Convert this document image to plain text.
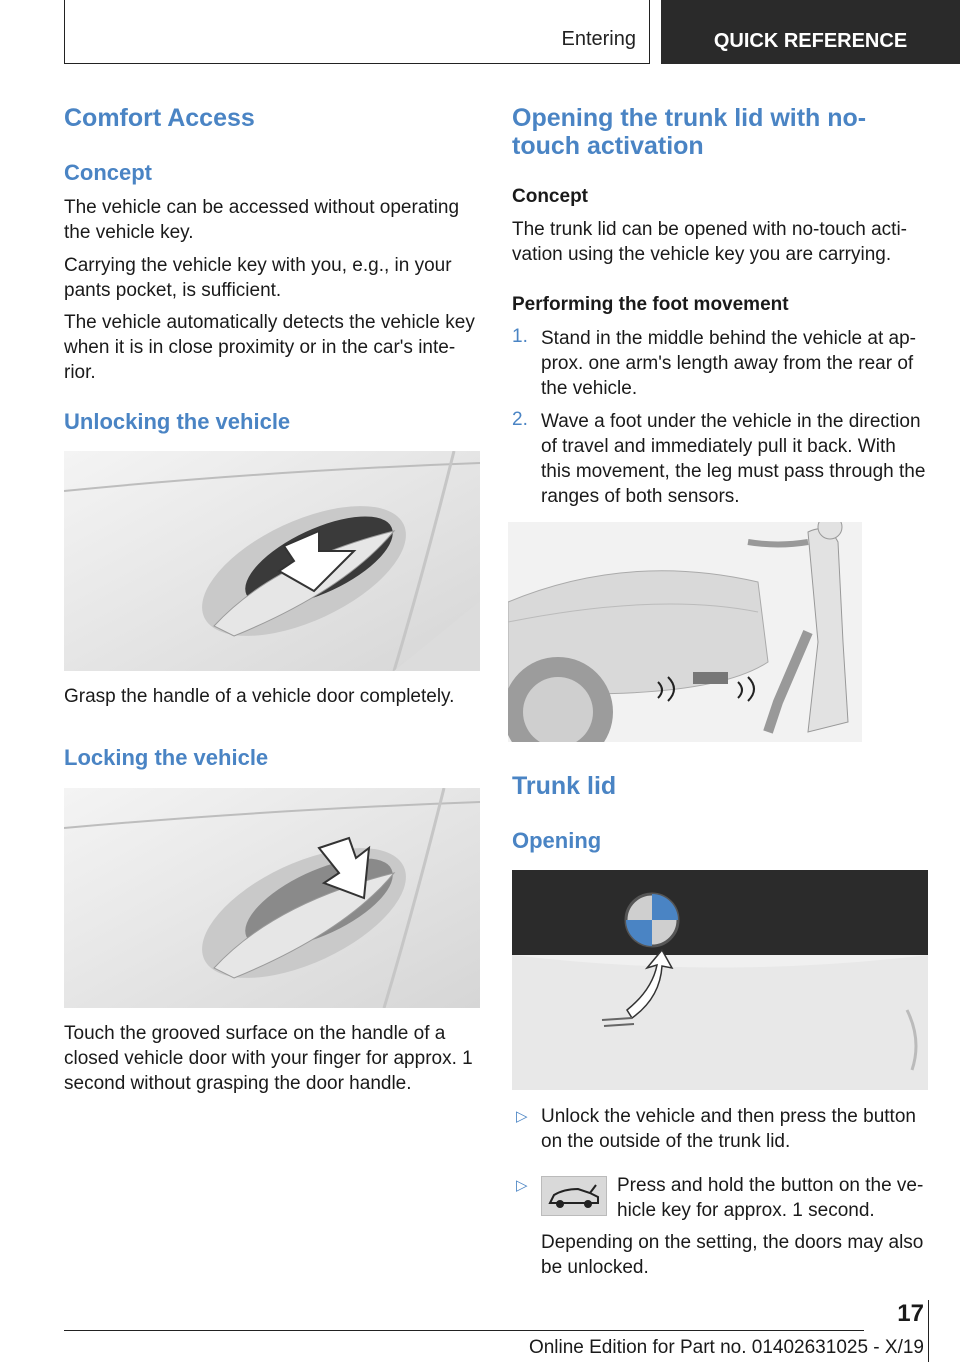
Entering	QUICK REFERENCE
Comfort Access
Concept

The vehicle can be accessed without operating the vehicle key.

Carrying the vehicle key with you, e.g., in your pants pocket, is sufficient.

The vehicle automatically detects the vehicle key when it is in close proximity or in the car's inte‐rior.

Unlocking the vehicle

Grasp the handle of a vehicle door completely.

Locking the vehicle

Touch the grooved surface on the handle of a closed vehicle door with your finger for approx. 1 second without grasping the door handle.

Opening the trunk lid with no-touch activation
Concept

The trunk lid can be opened with no-touch acti‐vation using the vehicle key you are carrying.

Performing the foot movement
1. Stand in the middle behind the vehicle at ap‐prox. one arm's length away from the rear of the vehicle.

2. Wave a foot under the vehicle in the direction of travel and immediately pull it back. With this movement, the leg must pass through the ranges of both sensors.

Trunk lid
Opening
▷ Unlock the vehicle and then press the button on the outside of the trunk lid.

▷	Press and hold the button on the ve‐hicle key for approx. 1 second.

Depending on the setting, the doors may also be unlocked.

17
Online Edition for Part no. 01402631025 - X/19
